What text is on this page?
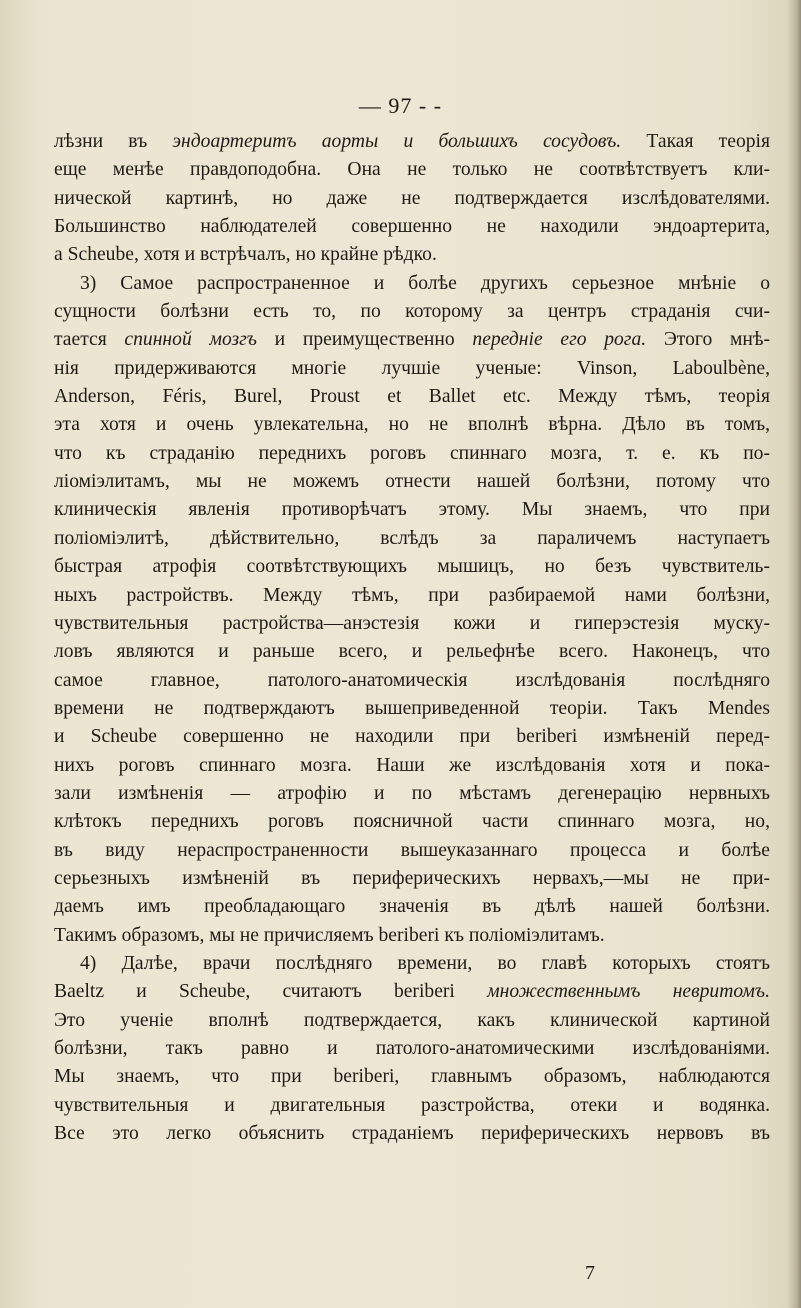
— 97 - -
лѣзни въ эндоартеритъ аорты и большихъ сосудовъ. Такая теорія
еще менѣе правдоподобна. Она не только не соотвѣтствуетъ кли-
нической картинѣ, но даже не подтверждается изслѣдователями.
Большинство наблюдателей совершенно не находили эндоартерита,
a Scheube, хотя и встрѣчалъ, но крайне рѣдко.
3) Самое распространенное и болѣе другихъ серьезное мнѣніе о
сущности болѣзни есть то, по которому за центръ страданія счи-
тается спинной мозгъ и преимущественно переднiе его рога. Этого мнѣ-
нія придерживаются многіе лучшіе ученые: Vinson, Laboulbène,
Anderson, Férіs, Burel, Proust et Ballet etc. Между тѣмъ, теорія
эта хотя и очень увлекательна, но не вполнѣ вѣрна. Дѣло въ томъ,
что къ страданію переднихъ роговъ спиннаго мозга, т. е. къ по-
ліоміэлитамъ, мы не можемъ отнести нашей болѣзни, потому что
клиническія явленія противорѣчатъ этому. Мы знаемъ, что при
поліоміэлитѣ, дѣйствительно, вслѣдъ за параличемъ наступаетъ
быстрая атрофія соотвѣтствующихъ мышицъ, но безъ чувствитель-
ныхъ растройствъ. Между тѣмъ, при разбираемой нами болѣзни,
чувствительныя растройства—анэстезія кожи и гиперэстезія муску-
ловъ являются и раньше всего, и рельефнѣе всего. Наконецъ, что
самое главное, патолого-анатомическія изслѣдованія послѣдняго
времени не подтверждаютъ вышеприведенной теоріи. Такъ Mendes
и Scheube совершенно не находили при beriberi измѣненій перед-
нихъ роговъ спиннаго мозга. Наши же изслѣдованія хотя и пока-
зали измѣненія — атрофію и по мѣстамъ дегенерацію нервныхъ
клѣтокъ переднихъ роговъ поясничной части спиннаго мозга, но,
въ виду нераспространенности вышеуказаннаго процесса и болѣе
серьезныхъ измѣненій въ периферическихъ нервахъ,—мы не при-
даемъ имъ преобладающаго значенія въ дѣлѣ нашей болѣзни.
Такимъ образомъ, мы не причисляемъ beriberi къ поліоміэлитамъ.
4) Далѣе, врачи послѣдняго времени, во главѣ которыхъ стоятъ
Baeltz и Scheube, считаютъ beriberi множественнымъ невритомъ.
Это ученіе вполнѣ подтверждается, какъ клинической картиной
болѣзни, такъ равно и патолого-анатомическими изслѣдованіями.
Мы знаемъ, что при beriberi, главнымъ образомъ, наблюдаются
чувствительныя и двигательныя разстройства, отеки и водянка.
Все это легко объяснить страданіемъ периферическихъ нервовъ въ
7
